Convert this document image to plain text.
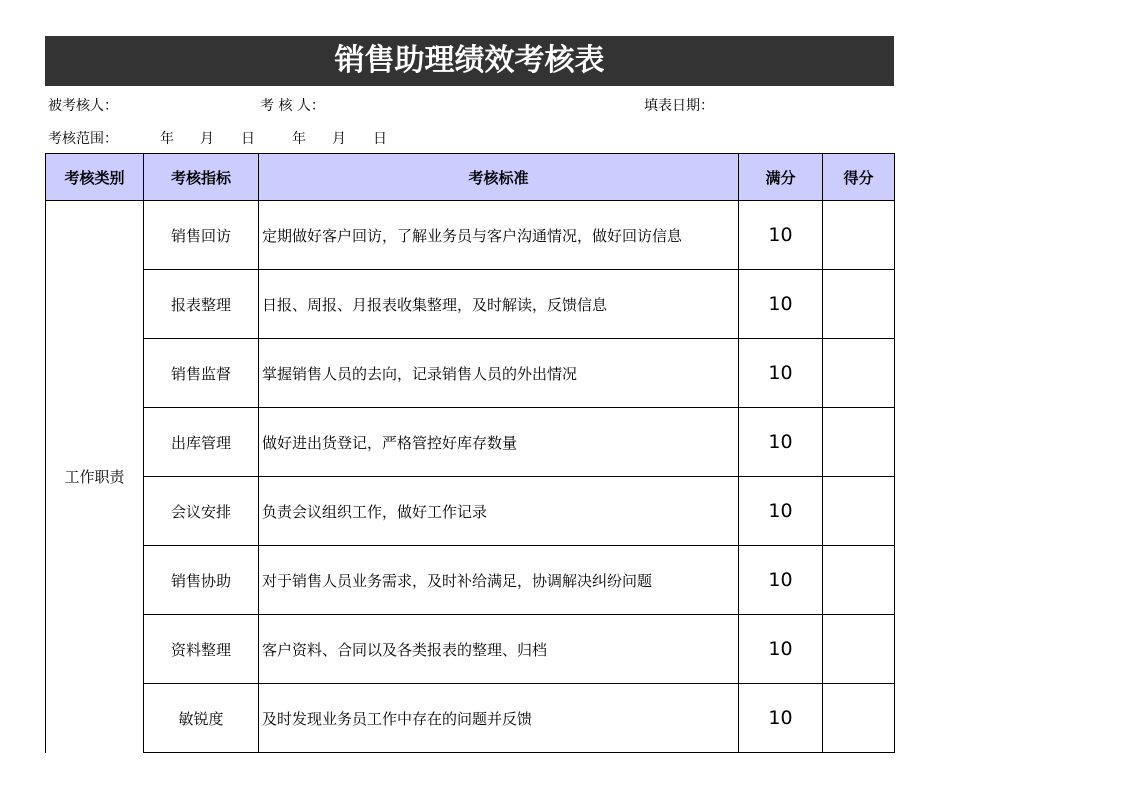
销售助理绩效考核表
被考核人：	考 核 人：	填表日期：
考核范围：	年 月 日	年 月 日
考核类别	考核指标	考核标准	满分	得分
工作职责	销售回访	定期做好客户回访，了解业务员与客户沟通情况，做好回访信息	10	
	报表整理	日报、周报、月报表收集整理，及时解读，反馈信息	10	
	销售监督	掌握销售人员的去向，记录销售人员的外出情况	10	
	出库管理	做好进出货登记，严格管控好库存数量	10	
	会议安排	负责会议组织工作，做好工作记录	10	
	销售协助	对于销售人员业务需求，及时补给满足，协调解决纠纷问题	10	
	资料整理	客户资料、合同以及各类报表的整理、归档	10	
	敏锐度	及时发现业务员工作中存在的问题并反馈	10	
